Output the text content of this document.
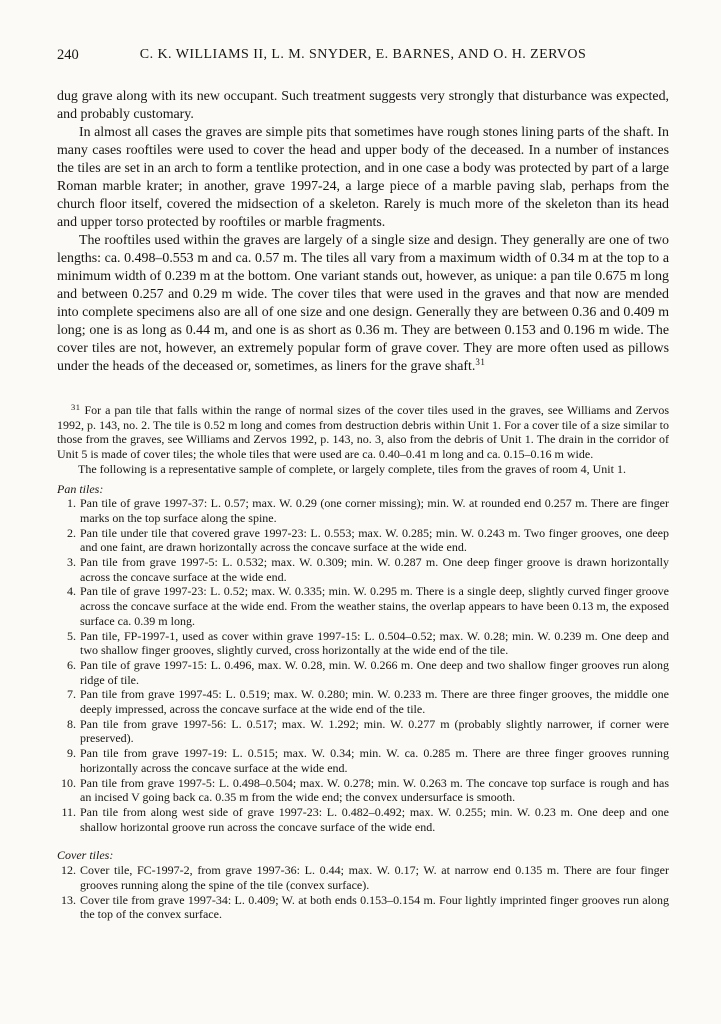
240	C. K. WILLIAMS II, L. M. SNYDER, E. BARNES, AND O. H. ZERVOS

dug grave along with its new occupant. Such treatment suggests very strongly that disturbance was expected, and probably customary.

In almost all cases the graves are simple pits that sometimes have rough stones lining parts of the shaft. In many cases rooftiles were used to cover the head and upper body of the deceased. In a number of instances the tiles are set in an arch to form a tentlike protection, and in one case a body was protected by part of a large Roman marble krater; in another, grave 1997-24, a large piece of a marble paving slab, perhaps from the church floor itself, covered the midsection of a skeleton. Rarely is much more of the skeleton than its head and upper torso protected by rooftiles or marble fragments.

The rooftiles used within the graves are largely of a single size and design. They generally are one of two lengths: ca. 0.498–0.553 m and ca. 0.57 m. The tiles all vary from a maximum width of 0.34 m at the top to a minimum width of 0.239 m at the bottom. One variant stands out, however, as unique: a pan tile 0.675 m long and between 0.257 and 0.29 m wide. The cover tiles that were used in the graves and that now are mended into complete specimens also are all of one size and one design. Generally they are between 0.36 and 0.409 m long; one is as long as 0.44 m, and one is as short as 0.36 m. They are between 0.153 and 0.196 m wide. The cover tiles are not, however, an extremely popular form of grave cover. They are more often used as pillows under the heads of the deceased or, sometimes, as liners for the grave shaft.$^{31}$

$^{31}$ For a pan tile that falls within the range of normal sizes of the cover tiles used in the graves, see Williams and Zervos 1992, p. 143, no. 2. The tile is 0.52 m long and comes from destruction debris within Unit 1. For a cover tile of a size similar to those from the graves, see Williams and Zervos 1992, p. 143, no. 3, also from the debris of Unit 1. The drain in the corridor of Unit 5 is made of cover tiles; the whole tiles that were used are ca. 0.40–0.41 m long and ca. 0.15–0.16 m wide.

The following is a representative sample of complete, or largely complete, tiles from the graves of room 4, Unit 1.

Pan tiles:

1. Pan tile of grave 1997-37: L. 0.57; max. W. 0.29 (one corner missing); min. W. at rounded end 0.257 m. There are finger marks on the top surface along the spine.
2. Pan tile under tile that covered grave 1997-23: L. 0.553; max. W. 0.285; min. W. 0.243 m. Two finger grooves, one deep and one faint, are drawn horizontally across the concave surface at the wide end.
3. Pan tile from grave 1997-5: L. 0.532; max. W. 0.309; min. W. 0.287 m. One deep finger groove is drawn horizontally across the concave surface at the wide end.
4. Pan tile of grave 1997-23: L. 0.52; max. W. 0.335; min. W. 0.295 m. There is a single deep, slightly curved finger groove across the concave surface at the wide end. From the weather stains, the overlap appears to have been 0.13 m, the exposed surface ca. 0.39 m long.
5. Pan tile, FP-1997-1, used as cover within grave 1997-15: L. 0.504–0.52; max. W. 0.28; min. W. 0.239 m. One deep and two shallow finger grooves, slightly curved, cross horizontally at the wide end of the tile.
6. Pan tile of grave 1997-15: L. 0.496, max. W. 0.28, min. W. 0.266 m. One deep and two shallow finger grooves run along ridge of tile.
7. Pan tile from grave 1997-45: L. 0.519; max. W. 0.280; min. W. 0.233 m. There are three finger grooves, the middle one deeply impressed, across the concave surface at the wide end of the tile.
8. Pan tile from grave 1997-56: L. 0.517; max. W. 1.292; min. W. 0.277 m (probably slightly narrower, if corner were preserved).
9. Pan tile from grave 1997-19: L. 0.515; max. W. 0.34; min. W. ca. 0.285 m. There are three finger grooves running horizontally across the concave surface at the wide end.
10. Pan tile from grave 1997-5: L. 0.498–0.504; max. W. 0.278; min. W. 0.263 m. The concave top surface is rough and has an incised V going back ca. 0.35 m from the wide end; the convex undersurface is smooth.
11. Pan tile from along west side of grave 1997-23: L. 0.482–0.492; max. W. 0.255; min. W. 0.23 m. One deep and one shallow horizontal groove run across the concave surface of the wide end.

Cover tiles:

12. Cover tile, FC-1997-2, from grave 1997-36: L. 0.44; max. W. 0.17; W. at narrow end 0.135 m. There are four finger grooves running along the spine of the tile (convex surface).
13. Cover tile from grave 1997-34: L. 0.409; W. at both ends 0.153–0.154 m. Four lightly imprinted finger grooves run along the top of the convex surface.
